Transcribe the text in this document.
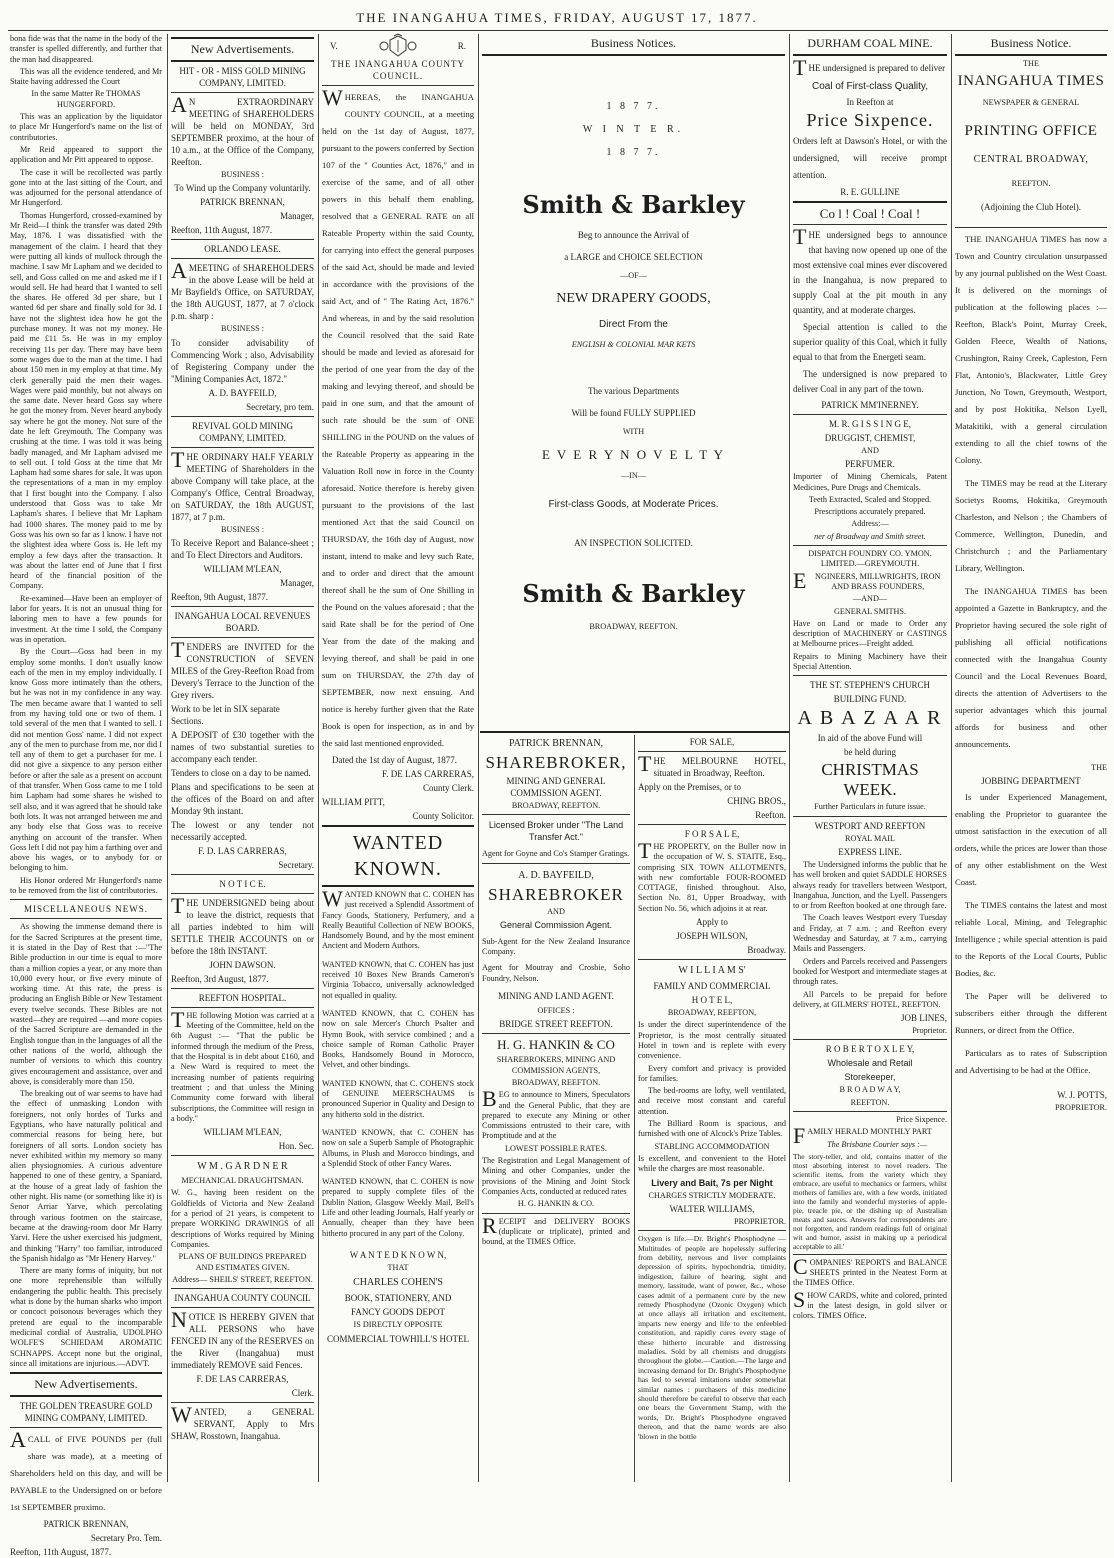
THE INANGAHUA TIMES, FRIDAY, AUGUST 17, 1877.

bona fide was that the name in the body of the transfer is spelled differently, and further that the man had disappeared.

This was all the evidence tendered, and Mr Staite having addressed the Court

In the same Matter Re THOMAS HUNGERFORD.

This was an application by the liquidator to place Mr Hungerford's name on the list of contributories.

Mr Reid appeared to support the application and Mr Pitt appeared to oppose.

The case it will be recollected was partly gone into at the last sitting of the Court, and was adjourned for the personal attendance of Mr Hungerford.

Thomas Hungerford, crossed-examined by Mr Reid—I think the transfer was dated 29th May, 1876. I was dissatisfied with the management of the claim. I heard that they were putting all kinds of mullock through the machine. I saw Mr Lapham and we decided to sell, and Goss called on me and asked me if I would sell. He had heard that I wanted to sell the shares. He offered 3d per share, but I wanted 6d per share and finally sold for 3d. I have not the slightest idea how he got the purchase money. It was not my money. He paid me £11 5s. He was in my employ receiving 11s per day. There may have been some wages due to the man at the time. I had about 150 men in my employ at that time. My clerk generally paid the men their wages. Wages were paid monthly, but not always on the same date. Never heard Goss say where he got the money from. Never heard anybody say where he got the money. Not sure of the date he left Greymouth. The Company was crushing at the time. I was told it was being badly managed, and Mr Lapham advised me to sell out. I told Goss at the time that Mr Lapham had some shares for sale. It was upon the representations of a man in my employ that I first bought into the Company. I also understood that Goss was to take Mr Lapham's shares. I believe that Mr Lapham had 1000 shares. The money paid to me by Goss was his own so far as I know. I have not the slightest idea where Goss is. He left my employ a few days after the transaction. It was about the latter end of June that I first heard of the financial position of the Company.

Re-examined—Have been an employer of labor for years. It is not an unusual thing for laboring men to have a few pounds for investment. At the time I sold, the Company was in operation.

By the Court—Goss had been in my employ some months. I don't usually know each of the men in my employ individually. I know Goss more intimately than the others, but he was not in my confidence in any way. The men became aware that I wanted to sell from my having told one or two of them. I told several of the men that I wanted to sell. I did not mention Goss' name. I did not expect any of the men to purchase from me, nor did I tell any of them to get a purchaser for me. I did not give a sixpence to any person either before or after the sale as a present on account of that transfer. When Goss came to me I told him Lapham had some shares he wished to sell also, and it was agreed that he should take both lots. It was not arranged between me and any body else that Goss was to receive anything on account of the transfer. When Goss left I did not pay him a farthing over and above his wages, or to anybody for or belonging to him.

His Honor ordered Mr Hungerford's name to be removed from the list of contributories.

MISCELLANEOUS NEWS.

As showing the immense demand there is for the Sacred Scriptures at the present time, it is stated in the Day of Rest that :—"The Bible production in our time is equal to more than a million copies a year, or any more than 10,000 every hour, or five every minute of working time. At this rate, the press is producing an English Bible or New Testament every twelve seconds. These Bibles are not wasted—they are required —and more copies of the Sacred Scripture are demanded in the English tongue than in the languages of all the other nations of the world, although the number of versions to which this country gives encouragement and assistance, over and above, is considerably more than 150.

The breaking out of war seems to have had the effect of unmasking London with foreigners, not only hordes of Turks and Egyptians, who have naturally political and commercial reasons for being here, but foreigners of all sorts. London society has never exhibited within my memory so many alien physiognomies. A curious adventure happened to one of these gentry, a Spaniard, at the house of a great lady of fashion the other night. His name (or something like it) is Senor Arriar Yarve, which percolating through various footmen on the staircase, became at the drawing-room door Mr Harry Yarvi. Here the usher exercised his judgment, and thinking "Harry" too familiar, introduced the Spanish hidalgo as "Mr Henery Harvey."

There are many forms of iniquity, but not one more reprehensible than wilfully endangering the public health. This precisely what is done by the human sharks who import or concoct poisonous beverages which they pretend are equal to the incomparable medicinal cordial of Australia, UDOLPHO WOLFE'S SCHIEDAM AROMATIC SCHNAPPS. Accept none but the original, since all imitations are injurious.—ADVT.

New Advertisements.

THE GOLDEN TREASURE GOLD MINING COMPANY, LIMITED.

ACALL of FIVE POUNDS per (full share was made), at a meeting of Shareholders held on this day, and will be PAYABLE to the Undersigned on or before 1st SEPTEMBER proximo.

PATRICK BRENNAN,

Secretary Pro. Tem.

Reefton, 11th August, 1877.

New Advertisements.

HIT - OR - MISS GOLD MINING COMPANY, LIMITED.

AN EXTRAORDINARY MEETING of SHAREHOLDERS will be held on MONDAY, 3rd SEPTEMBER proximo, at the hour of 10 a.m., at the Office of the Company, Reefton.

BUSINESS :

To Wind up the Company voluntarily.

PATRICK BRENNAN,

Manager,

Reefton, 11th August, 1877.

ORLANDO LEASE.

AMEETING of SHAREHOLDERS in the above Lease will be held at Mr Bayfield's Office, on SATURDAY, the 18th AUGUST, 1877, at 7 o'clock p.m. sharp :

BUSINESS :

To consider advisability of Commencing Work ; also, Advisability of Registering Company under the "Mining Companies Act, 1872."

A. D. BAYFEILD,

Secretary, pro tem.

REVIVAL GOLD MINING COMPANY, LIMITED.

THE ORDINARY HALF YEARLY MEETING of Shareholders in the above Company will take place, at the Company's Office, Central Broadway, on SATURDAY, the 18th AUGUST, 1877, at 7 p.m.

BUSINESS :

To Receive Report and Balance-sheet ; and To Elect Directors and Auditors.

WILLIAM M'LEAN,

Manager,

Reefton, 9th August, 1877.

INANGAHUA LOCAL REVENUES BOARD.

TENDERS are INVITED for the CONSTRUCTION of SEVEN MILES of the Grey-Reefton Road from Devery's Terrace to the Junction of the Grey rivers.

Work to be let in SIX separate Sections.

A DEPOSIT of £30 together with the names of two substantial sureties to accompany each tender.

Tenders to close on a day to be named.

Plans and specifications to be seen at the offices of the Board on and after Monday 9th instant.

The lowest or any tender not necessarily accepted.

F. D. LAS CARRERAS,

Secretary.

N O T I C E.

THE UNDERSIGNED being about to leave the district, requests that all parties indebted to him will SETTLE THEIR ACCOUNTS on or before the 18th INSTANT.

JOHN DAWSON.

Reefton, 3rd August, 1877.

REEFTON HOSPITAL.

THE following Motion was carried at a Meeting of the Committee, held on the 6th August :— "That the public be informed through the medium of the Press, that the Hospital is in debt about £160, and a New Ward is required to meet the increasing number of patients requiring treatment ; and that unless the Mining Community come forward with liberal subscriptions, the Committee will resign in a body."

WILLIAM M'LEAN,

Hon. Sec.

W M . G A R D N E R

MECHANICAL DRAUGHTSMAN.

W. G., having been resident on the Goldfields of Victoria and New Zealand for a period of 21 years, is competent to prepare WORKING DRAWINGS of all descriptions of Works required by Mining Companies.

PLANS OF BUILDINGS PREPARED AND ESTIMATES GIVEN.

Address— SHEILS' STREET, REEFTON.

INANGAHUA COUNTY COUNCIL

NOTICE IS HEREBY GIVEN that ALL PERSONS who have FENCED IN any of the RESERVES on the River (Inangahua) must immediately REMOVE said Fences.

F. DE LAS CARRERAS,

Clerk.

WANTED, a GENERAL SERVANT, Apply to Mrs SHAW, Rosstown, Inangahua.

V.	R.

THE INANGAHUA COUNTY COUNCIL.

WHEREAS, the INANGAHUA COUNTY COUNCIL, at a meeting held on the 1st day of August, 1877, pursuant to the powers conferred by Section 107 of the " Counties Act, 1876," and in exercise of the same, and of all other powers in this behalf them enabling, resolved that a GENERAL RATE on all Rateable Property within the said County, for carrying into effect the general purposes of the said Act, should be made and levied in accordance with the provisions of the said Act, and of " The Rating Act, 1876." And whereas, in and by the said resolution the Council resolved that the said Rate should be made and levied as aforesaid for the period of one year from the day of the making and levying thereof, and should be paid in one sum, and that the amount of such rate should be the sum of ONE SHILLING in the POUND on the values of the Rateable Property as appearing in the Valuation Roll now in force in the County aforesaid. Notice therefore is hereby given pursuant to the provisions of the last mentioned Act that the said Council on THURSDAY, the 16th day of August, now instant, intend to make and levy such Rate, and to order and direct that the amount thereof shall be the sum of One Shilling in the Pound on the values aforesaid ; that the said Rate shall be for the period of One Year from the date of the making and levying thereof, and shall be paid in one sum on THURSDAY, the 27th day of SEPTEMBER, now next ensuing. And notice is hereby further given that the Rate Book is open for inspection, as in and by the said last mentioned enprovided.

Dated the 1st day of August, 1877.

F. DE LAS CARRERAS,

County Clerk.

WILLIAM PITT,

County Solicitor.

WANTED KNOWN.

WANTED KNOWN that C. COHEN has just received a Splendid Assortment of Fancy Goods, Stationery, Perfumery, and a Really Beautiful Collection of NEW BOOKS, Handsomely Bound, and by the most eminent Ancient and Modern Authors.

WANTED KNOWN, that C. COHEN has just received 10 Boxes New Brands Cameron's Virginia Tobacco, universally acknowledged not equalled in quality.

WANTED KNOWN, that C. COHEN has now on sale Mercer's Church Psalter and Hymn Book, with service combined ; and a choice sample of Roman Catholic Prayer Books, Handsomely Bound in Morocco, Velvet, and other bindings.

WANTED KNOWN, that C. COHEN'S stock of GENUINE MEERSCHAUMS is pronounced Superior in Quality and Design to any hitherto sold in the district.

WANTED KNOWN, that C. COHEN has now on sale a Superb Sample of Photographic Albums, in Plush and Morocco bindings, and a Splendid Stock of other Fancy Wares.

WANTED KNOWN, that C. COHEN is now prepared to supply complete files of the Dublin Nation, Glasgow Weekly Mail, Bell's Life and other leading Journals, Half yearly or Annually, cheaper than they have been hitherto procured in any part of the Colony.

W A N T E D K N O W N,

THAT

CHARLES COHEN'S

BOOK, STATIONERY, AND

FANCY GOODS DEPOT

IS DIRECTLY OPPOSITE

COMMERCIAL TOWHILL'S HOTEL

Business Notices.

1 8 7 7.

W I N T E R.

1 8 7 7.

Smith & Barkley

Beg to announce the Arrival of

a LARGE and CHOICE SELECTION

—OF—

NEW DRAPERY GOODS,

Direct From the

ENGLISH & COLONIAL MAR KETS

The various Departments

Will be found FULLY SUPPLIED

WITH

E V E R Y N O V E L T Y

—IN—

First-class Goods, at Moderate Prices.

AN INSPECTION SOLICITED.

Smith & Barkley

BROADWAY, REEFTON.

PATRICK BRENNAN,

SHAREBROKER,

MINING AND GENERAL COMMISSION AGENT.

BROADWAY, REEFTON.

Licensed Broker under "The Land Transfer Act."

Agent for Goyne and Co's Stamper Gratings.

A. D. BAYFEILD,

SHAREBROKER

AND

General Commission Agent.

Sub-Agent for the New Zealand Insurance Company.

Agent for Moutray and Crosbie, Soho Foundry, Nelson.

MINING AND LAND AGENT.

OFFICES :

BRIDGE STREET REEFTON.

H. G. HANKIN & CO

SHAREBROKERS, MINING AND COMMISSION AGENTS,

BROADWAY, REEFTON.

BEG to announce to Miners, Speculators and the General Public, that they are prepared to execute any Mining or other Commissions entrusted to their care, with Promptitude and at the

LOWEST POSSIBLE RATES.

The Registration and Legal Management of Mining and other Companies, under the provisions of the Mining and Joint Stock Companies Acts, conducted at reduced rates

H. G. HANKIN & CO.

RECEIPT and DELIVERY BOOKS (duplicate or triplicate), printed and bound, at the TIMES Office.

FOR SALE,

THE MELBOURNE HOTEL, situated in Broadway, Reefton.

Apply on the Premises, or to

CHING BROS.,

Reefton.

F O R S A L E,

THE PROPERTY, on the Buller now in the occupation of W. S. STAITE, Esq., comprising SIX TOWN ALLOTMENTS, with new comfortable FOUR-ROOMED COTTAGE, finished throughout. Also, Section No. 81, Upper Broadway, with Section No. 56, which adjoins it at rear.

Apply to

JOSEPH WILSON,

Broadway.

W I L L I A M S'

FAMILY AND COMMERCIAL

H O T E L,

BROADWAY, REEFTON,

Is under the direct superintendence of the Proprietor, is the most centrally situated Hotel in town and is replete with every convenience.

Every comfort and privacy is provided for families.

The bed-rooms are lofty, well ventilated, and receive most constant and careful attention.

The Billiard Room is spacious, and furnished with one of Alcock's Prize Tables.

STABLING ACCOMMODATION

Is excellent, and convenient to the Hotel while the charges are most reasonable.

Livery and Bait, 7s per Night

CHARGES STRICTLY MODERATE.

WALTER WILLIAMS,

PROPRIETOR.

Oxygen is life.—Dr. Bright's Phosphodyne —Multitudes of people are hopelessly suffering from debility, nervous and liver complaints depression of spirits, hypochondria, timidity, indigestion, failure of hearing, sight and memory, lassitude, want of power, &c., whose cases admit of a permanent cure by the new remedy Phosphodyne (Ozonic Oxygen) which at once allays all irritation and excitement, imparts new energy and life to the enfeebled constitution, and rapidly cures every stage of these hitherto incurable and distressing maladies. Sold by all chemists and druggists throughout the globe.—Caution.—The large and increasing demand for Dr. Bright's Phosphodyne has led to several imitations under somewhat similar names : purchasers of this medicine should therefore be careful to observe that each one bears the Government Stamp, with the words, Dr. Bright's Phosphodyne engraved thereon, and that the name words are also 'blown in the bottle

DURHAM COAL MINE.

THE undersigned is prepared to deliver

Coal of First-class Quality,

In Reefton at

Price Sixpence.

Orders left at Dawson's Hotel, or with the undersigned, will receive prompt attention.

R. E. GULLINE

Co l ! Coal ! Coal !

THE undersigned begs to announce that having now opened up one of the most extensive coal mines ever discovered in the Inangahua, is now prepared to supply Coal at the pit mouth in any quantity, and at moderate charges.

Special attention is called to the superior quality of this Coal, which it fully equal to that from the Energeti seam.

The undersigned is now prepared to deliver Coal in any part of the town.

PATRICK MM'INERNEY.

M. R. G I S S I N G E,

DRUGGIST, CHEMIST,

AND

PERFUMER.

Importer of Mining Chemicals, Patent Medicines, Pure Drugs and Chemicals.

Teeth Extracted, Scaled and Stopped.

Prescriptions accurately prepared.

Address:—

ner of Broadway and Smith street.

DISPATCH FOUNDRY CO. YMON. LIMITED.—GREYMOUTH.

ENGINEERS, MILLWRIGHTS, IRON AND BRASS FOUNDERS,

—AND—

GENERAL SMITHS.

Have on Land or made to Order any description of MACHINERY or CASTINGS at Melbourne prices—Freight added.

Repairs to Mining Machinery have their Special Attention.

THE ST. STEPHEN'S CHURCH

BUILDING FUND.

A B A Z A A R

In aid of the above Fund will

be held during

CHRISTMAS WEEK.

Further Particulars in future issue.

WESTPORT AND REEFTON

ROYAL MAIL

EXPRESS LINE.

The Undersigned informs the public that he has well broken and quiet SADDLE HORSES always ready for travellers between Westport, Inangahua, Junction, and the Lyell. Passengers to or from Reefton booked at one through fare.

The Coach leaves Westport every Tuesday and Friday, at 7 a.m. ; and Reefton every Wednesday and Saturday, at 7 a.m., carrying Mails and Passengers.

Orders and Parcels received and Passengers booked for Westport and intermediate stages at through rates.

All Parcels to be prepaid for before delivery, at GILMERS' HOTEL, REEFTON.

JOB LINES,

Proprietor.

R O B E R T O X L E Y,

Wholesale and Retail

Storekeeper,

B R O A D W A Y,

REEFTON.

Price Sixpence.

FAMILY HERALD MONTHLY PART

The Brisbane Courier says :—

The story-teller, and old, contains matter of the most absorbing interest to novel readers. The scientific items, from the variety which they embrace, are useful to mechanics or farmers, whilst mothers of families are, with a few words, initiated into the family and wonderful mysteries of apple-pie, treacle pie, or the dishing up of Australian meats and sauces. Answers for correspondents are not forgotten, and random readings full of original wit and humor, assist in making up a periodical acceptable to all.'

COMPANIES' REPORTS and BALANCE SHEETS printed in the Neatest Form at the TIMES Office.

SHOW CARDS, white and colored, printed in the latest design, in gold silver or colors. TIMES Office.

Business Notice.

THE

INANGAHUA TIMES

NEWSPAPER & GENERAL

PRINTING OFFICE

CENTRAL BROADWAY,

REEFTON.

(Adjoining the Club Hotel).

THE INANGAHUA TIMES has now a Town and Country circulation unsurpassed by any journal published on the West Coast. It is delivered on the mornings of publication at the following places :—Reefton, Black's Point, Murray Creek, Golden Fleece, Wealth of Nations, Crushington, Rainy Creek, Capleston, Fern Flat, Antonio's, Blackwater, Little Grey Junction, No Town, Greymouth, Westport, and by post Hokitika, Nelson Lyell, Matakitiki, with a general circulation extending to all the chief towns of the Colony.

The TIMES may be read at the Literary Societys Rooms, Hokitika, Greymouth Charleston, and Nelson ; the Chambers of Commerce, Wellington, Dunedin, and Christchurch ; and the Parliamentary Library, Wellington.

The INANGAHUA TIMES has been appointed a Gazette in Bankruptcy, and the Proprietor having secured the sole right of publishing all official notifications connected with the Inangahua County Council and the Local Revenues Board, directs the attention of Advertisers to the superior advantages which this journal affords for business and other announcements.

THE

JOBBING DEPARTMENT

Is under Experienced Management, enabling the Proprietor to guarantee the utmost satisfaction in the execution of all orders, while the prices are lower than those of any other establishment on the West Coast.

The TIMES contains the latest and most reliable Local, Mining, and Telegraphic Intelligence ; while special attention is paid to the Reports of the Local Courts, Public Bodies, &c.

The Paper will be delivered to subscribers either through the different Runners, or direct from the Office.

Particulars as to rates of Subscription and Advertising to be had at the Office.

W. J. POTTS,

PROPRIETOR.
